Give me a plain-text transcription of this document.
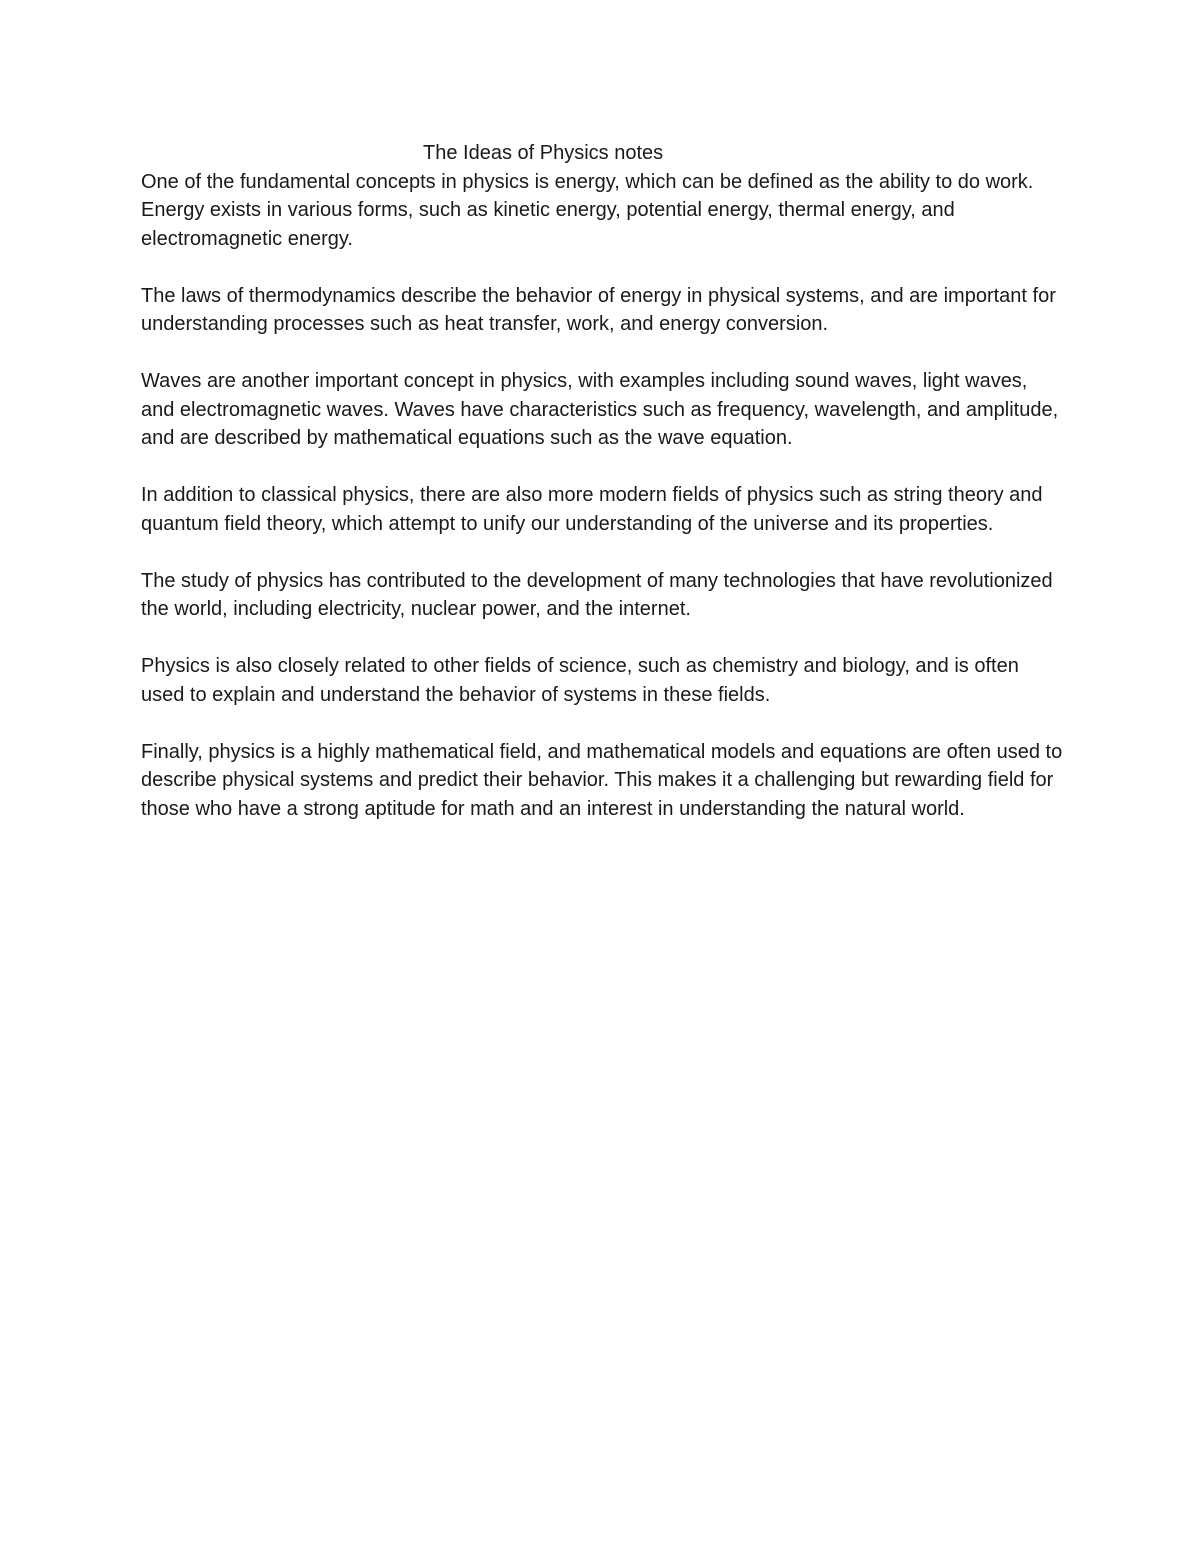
The Ideas of Physics notes

One of the fundamental concepts in physics is energy, which can be defined as the ability to do work. Energy exists in various forms, such as kinetic energy, potential energy, thermal energy, and electromagnetic energy.

The laws of thermodynamics describe the behavior of energy in physical systems, and are important for understanding processes such as heat transfer, work, and energy conversion.

Waves are another important concept in physics, with examples including sound waves, light waves, and electromagnetic waves. Waves have characteristics such as frequency, wavelength, and amplitude, and are described by mathematical equations such as the wave equation.

In addition to classical physics, there are also more modern fields of physics such as string theory and quantum field theory, which attempt to unify our understanding of the universe and its properties.

The study of physics has contributed to the development of many technologies that have revolutionized the world, including electricity, nuclear power, and the internet.

Physics is also closely related to other fields of science, such as chemistry and biology, and is often used to explain and understand the behavior of systems in these fields.

Finally, physics is a highly mathematical field, and mathematical models and equations are often used to describe physical systems and predict their behavior. This makes it a challenging but rewarding field for those who have a strong aptitude for math and an interest in understanding the natural world.
